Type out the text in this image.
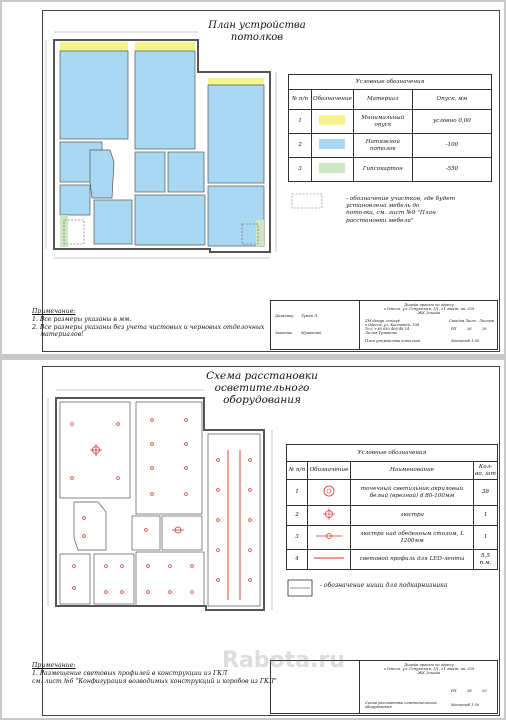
План устройства
потолков
Условные обозначения			
№ п/п	Обозначение	Материал	Опуск, мм
1		Минимальный опуск	условно 0,00
2		Натяжной потолок	-100
3		Гипсокартон	-550
- обозначение участков, где будет
установлена мебель до
потолка, см. лист №9 "План
расстановки мебели"
Примечание:
1. Все размеры указаны в мм.
2. Все размеры указаны без учета чистовых и черновых отделочных
материалов!
Дизайнер Туман Л.
Заказчик Мукатний
Дизайн проект по адресу
г.Одесса, ул. Генуэзская, 1/1, 21 этаж, кв. 329
ЖК Элиада
ZM design concept
г.Одесса, ул. Костанди, 104
Тел: +38 050 408 48 14
Лилия Туманова
План устройства потолков
Стадия Лист Листов
РП	26	29
Масштаб 1:50
Схема расстановки
осветительного
оборудования
Условные обозначения			
№ п/п	Обозначение	Наименование	Кол-во, шт
1		точечный светильник акриловый белый (врезной) d 80-100мм	38
2		люстра	1
3		люстра над обеденным столом, L 1200мм	1
4		световой профиль для LED-ленты	5,5 п.м.
- обозначение ниши для подкарнизника
Примечание:
1. Размещение световых профилей в конструкции из ГКЛ
см. лист №6 "Конфигурация возводимых конструкций и коробов из ГКЛ"
Дизайн проект по адресу
г.Одесса, ул. Генуэзская, 1/1, 21 этаж, кв. 329
ЖК Элиада
Схема расстановки осветительного оборудования
РП	28	29
Масштаб 1:50
Rabota.ru
